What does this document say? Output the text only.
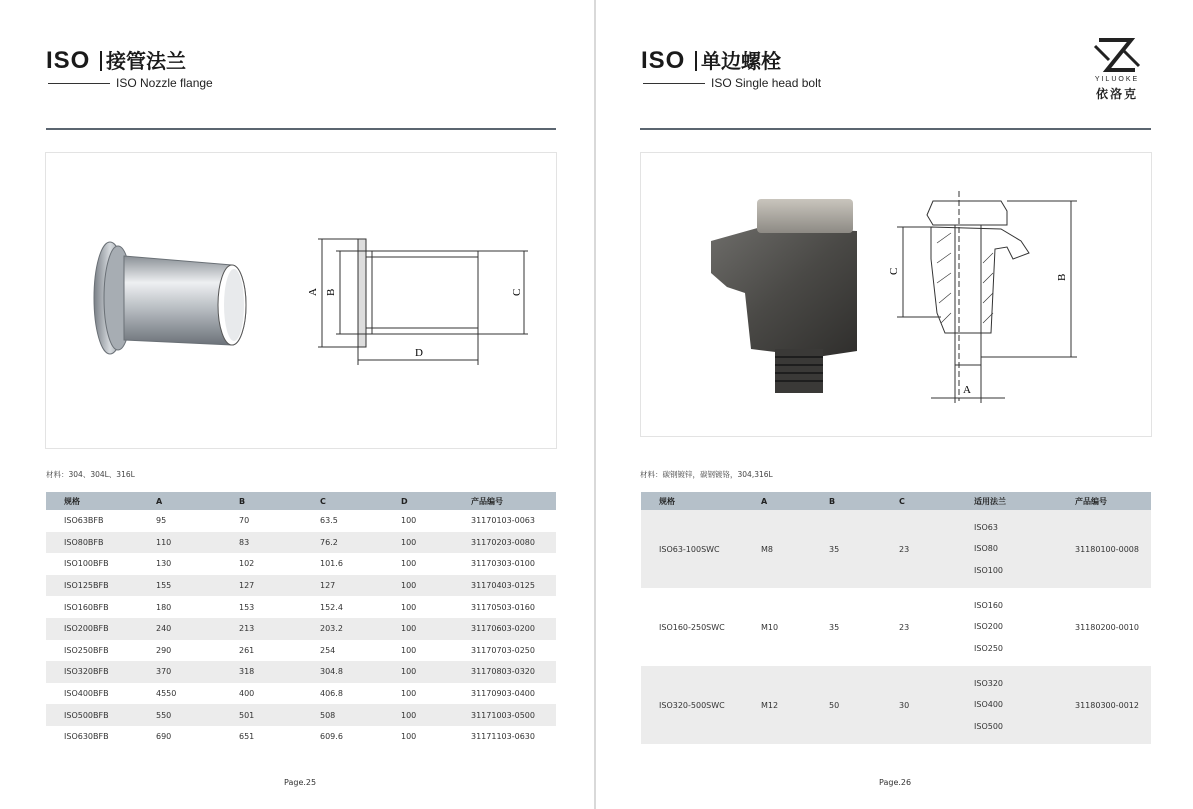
ISO 接管法兰
ISO Nozzle flange
A B	C
D
材料：304、304L、316L
规格	A	B	C	D	产品编号
ISO63BFB	95	70	63.5	100	31170103-0063
ISO80BFB	110	83	76.2	100	31170203-0080
ISO100BFB	130	102	101.6	100	31170303-0100
ISO125BFB	155	127	127	100	31170403-0125
ISO160BFB	180	153	152.4	100	31170503-0160
ISO200BFB	240	213	203.2	100	31170603-0200
ISO250BFB	290	261	254	100	31170703-0250
ISO320BFB	370	318	304.8	100	31170803-0320
ISO400BFB	4550	400	406.8	100	31170903-0400
ISO500BFB	550	501	508	100	31171003-0500
ISO630BFB	690	651	609.6	100	31171103-0630
Page.25
ISO 单边螺栓
ISO Single head bolt	YILUOKE
依洛克
C
B
A
材料：碳钢镀锌，碳钢镀铬，304,316L
规格	A	B	C	适用法兰	产品编号
ISO63-100SWC	M8	35	23	ISO63
ISO80
ISO100	31180100-0008
ISO160-250SWC	M10	35	23	ISO160
ISO200
ISO250	31180200-0010
ISO320-500SWC	M12	50	30	ISO320
ISO400
ISO500	31180300-0012
Page.26
